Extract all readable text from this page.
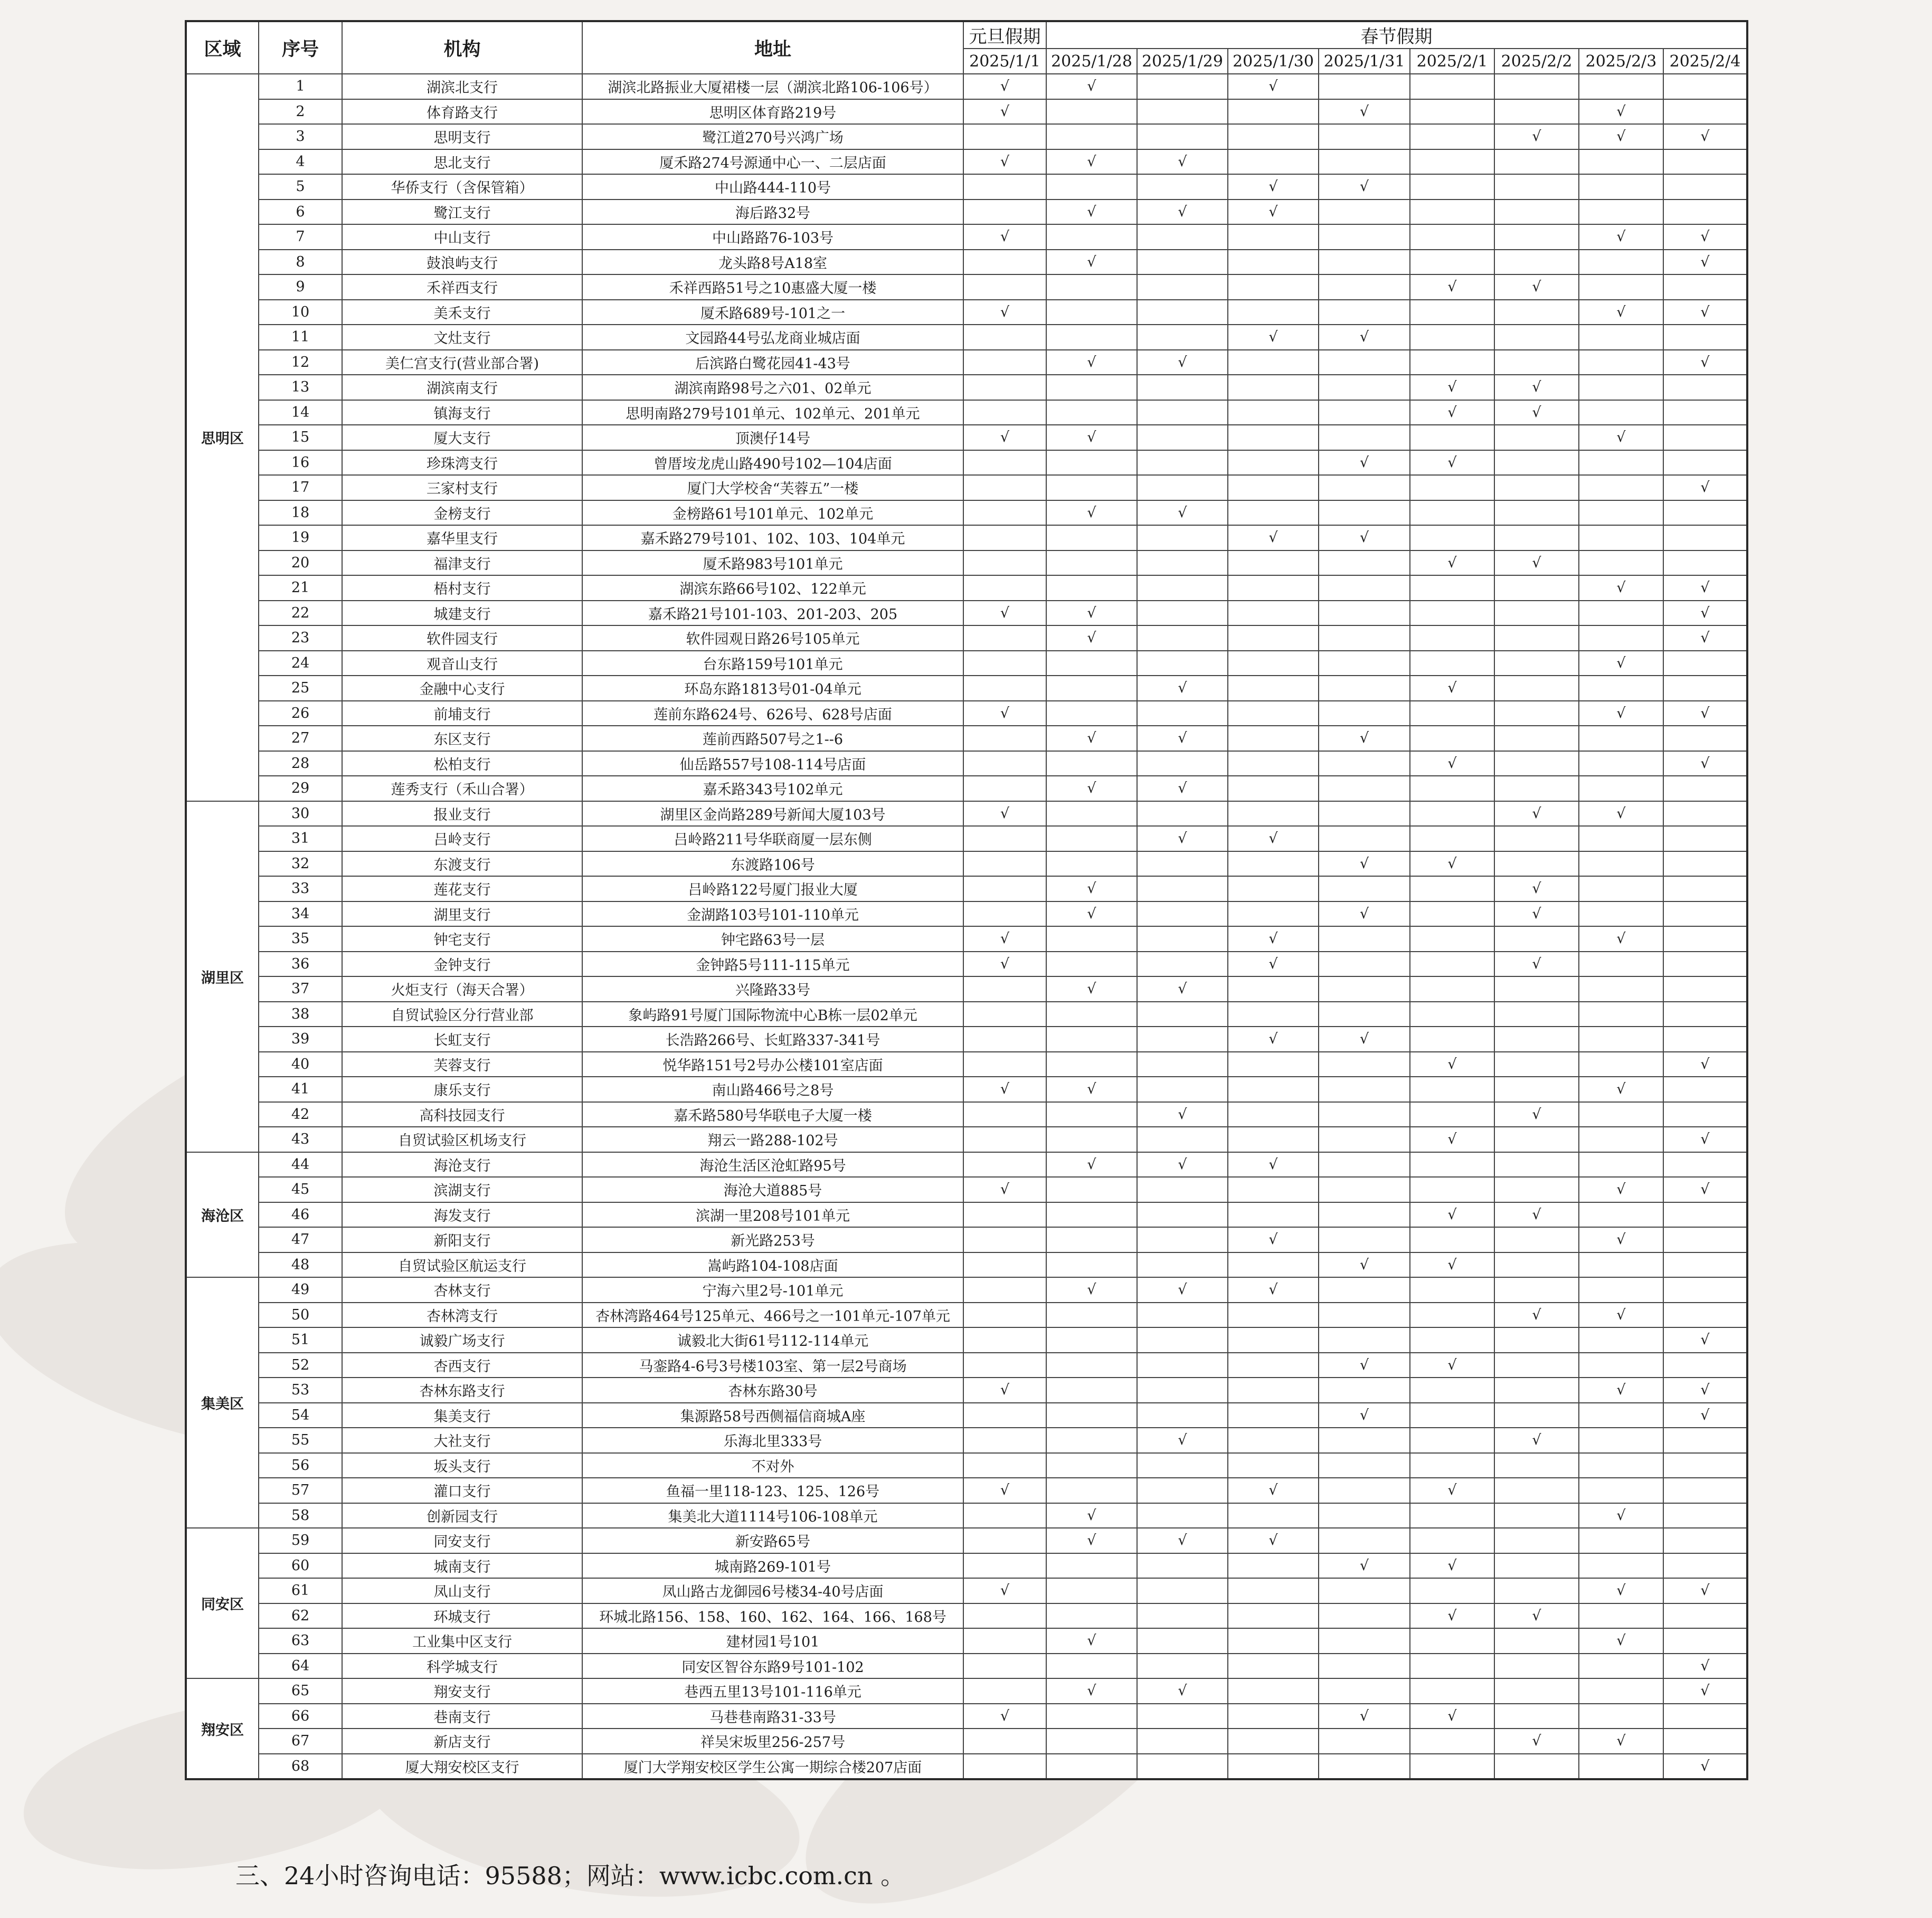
区域	序号	机构	地址	元旦假期	春节假期							
				2025/1/1	2025/1/28	2025/1/29	2025/1/30	2025/1/31	2025/2/1	2025/2/2	2025/2/3	2025/2/4
思明区	1	湖滨北支行	湖滨北路振业大厦裙楼一层（湖滨北路106-106号）	√	√		√					
	2	体育路支行	思明区体育路219号	√				√			√	
	3	思明支行	鹭江道270号兴鸿广场							√	√	√
	4	思北支行	厦禾路274号源通中心一、二层店面	√	√	√						
	5	华侨支行（含保管箱）	中山路444-110号				√	√				
	6	鹭江支行	海后路32号		√	√	√					
	7	中山支行	中山路路76-103号	√							√	√
	8	鼓浪屿支行	龙头路8号A18室		√							√
	9	禾祥西支行	禾祥西路51号之10惠盛大厦一楼						√	√		
	10	美禾支行	厦禾路689号-101之一	√							√	√
	11	文灶支行	文园路44号弘龙商业城店面				√	√				
	12	美仁宫支行(营业部合署)	后滨路白鹭花园41-43号		√	√						√
	13	湖滨南支行	湖滨南路98号之六01、02单元						√	√		
	14	镇海支行	思明南路279号101单元、102单元、201单元						√	√		
	15	厦大支行	顶澳仔14号	√	√						√	
	16	珍珠湾支行	曾厝垵龙虎山路490号102—104店面					√	√			
	17	三家村支行	厦门大学校舍“芙蓉五”一楼									√
	18	金榜支行	金榜路61号101单元、102单元		√	√						
	19	嘉华里支行	嘉禾路279号101、102、103、104单元				√	√				
	20	福津支行	厦禾路983号101单元						√	√		
	21	梧村支行	湖滨东路66号102、122单元								√	√
	22	城建支行	嘉禾路21号101-103、201-203、205	√	√							√
	23	软件园支行	软件园观日路26号105单元		√							√
	24	观音山支行	台东路159号101单元								√	
	25	金融中心支行	环岛东路1813号01-04单元			√			√			
	26	前埔支行	莲前东路624号、626号、628号店面	√							√	√
	27	东区支行	莲前西路507号之1--6		√	√		√				
	28	松柏支行	仙岳路557号108-114号店面						√			√
	29	莲秀支行（禾山合署）	嘉禾路343号102单元		√	√						
湖里区	30	报业支行	湖里区金尚路289号新闻大厦103号	√						√	√	
	31	吕岭支行	吕岭路211号华联商厦一层东侧			√	√					
	32	东渡支行	东渡路106号					√	√			
	33	莲花支行	吕岭路122号厦门报业大厦		√					√		
	34	湖里支行	金湖路103号101-110单元		√			√		√		
	35	钟宅支行	钟宅路63号一层	√			√				√	
	36	金钟支行	金钟路5号111-115单元	√			√			√		
	37	火炬支行（海天合署）	兴隆路33号		√	√						
	38	自贸试验区分行营业部	象屿路91号厦门国际物流中心B栋一层02单元									
	39	长虹支行	长浩路266号、长虹路337-341号				√	√				
	40	芙蓉支行	悦华路151号2号办公楼101室店面						√			√
	41	康乐支行	南山路466号之8号	√	√						√	
	42	高科技园支行	嘉禾路580号华联电子大厦一楼			√				√		
	43	自贸试验区机场支行	翔云一路288-102号						√			√
海沧区	44	海沧支行	海沧生活区沧虹路95号		√	√	√					
	45	滨湖支行	海沧大道885号	√							√	√
	46	海发支行	滨湖一里208号101单元						√	√		
	47	新阳支行	新光路253号				√				√	
	48	自贸试验区航运支行	嵩屿路104-108店面					√	√			
集美区	49	杏林支行	宁海六里2号-101单元		√	√	√					
	50	杏林湾支行	杏林湾路464号125单元、466号之一101单元-107单元							√	√	
	51	诚毅广场支行	诚毅北大街61号112-114单元									√
	52	杏西支行	马銮路4-6号3号楼103室、第一层2号商场					√	√			
	53	杏林东路支行	杏林东路30号	√							√	√
	54	集美支行	集源路58号西侧福信商城A座					√				√
	55	大社支行	乐海北里333号			√				√		
	56	坂头支行	不对外									
	57	灌口支行	鱼福一里118-123、125、126号	√			√		√			
	58	创新园支行	集美北大道1114号106-108单元		√						√	
同安区	59	同安支行	新安路65号		√	√	√					
	60	城南支行	城南路269-101号					√	√			
	61	凤山支行	凤山路古龙御园6号楼34-40号店面	√							√	√
	62	环城支行	环城北路156、158、160、162、164、166、168号						√	√		
	63	工业集中区支行	建材园1号101		√						√	
	64	科学城支行	同安区智谷东路9号101-102									√
翔安区	65	翔安支行	巷西五里13号101-116单元		√	√						√
	66	巷南支行	马巷巷南路31-33号	√				√	√			
	67	新店支行	祥吴宋坂里256-257号							√	√	
	68	厦大翔安校区支行	厦门大学翔安校区学生公寓一期综合楼207店面									√
三、24小时咨询电话：95588；网站：www.icbc.com.cn 。
